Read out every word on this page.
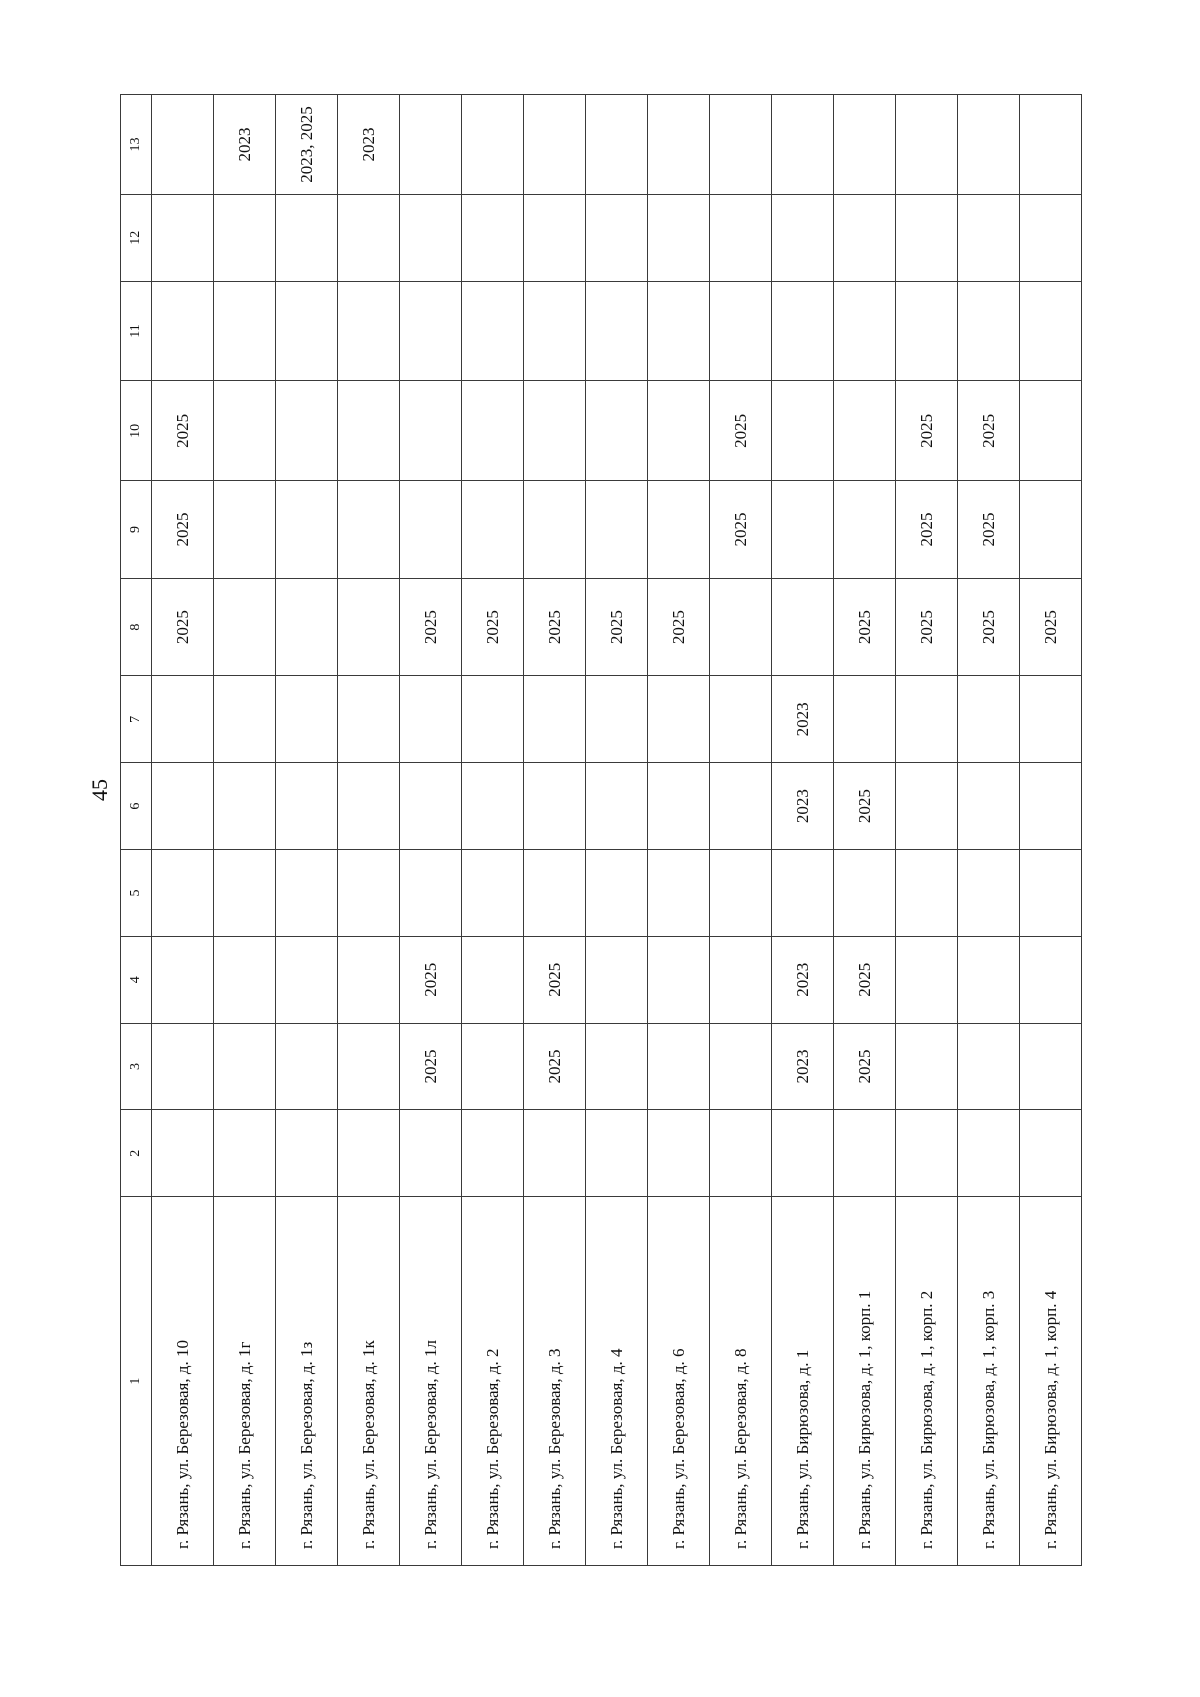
45
1	2	3	4	5	6	7	8	9	10	11	12	13
г. Рязань, ул. Березовая, д. 10							2025	2025	2025			
г. Рязань, ул. Березовая, д. 1г												2023
г. Рязань, ул. Березовая, д. 1з												2023, 2025
г. Рязань, ул. Березовая, д. 1к												2023
г. Рязань, ул. Березовая, д. 1л		2025	2025				2025					
г. Рязань, ул. Березовая, д. 2							2025					
г. Рязань, ул. Березовая, д. 3		2025	2025				2025					
г. Рязань, ул. Березовая, д. 4							2025					
г. Рязань, ул. Березовая, д. 6							2025					
г. Рязань, ул. Березовая, д. 8								2025	2025			
г. Рязань, ул. Бирюзова, д. 1		2023	2023		2023	2023						
г. Рязань, ул. Бирюзова, д. 1, корп. 1		2025	2025		2025		2025					
г. Рязань, ул. Бирюзова, д. 1, корп. 2							2025	2025	2025			
г. Рязань, ул. Бирюзова, д. 1, корп. 3							2025	2025	2025			
г. Рязань, ул. Бирюзова, д. 1, корп. 4							2025					
